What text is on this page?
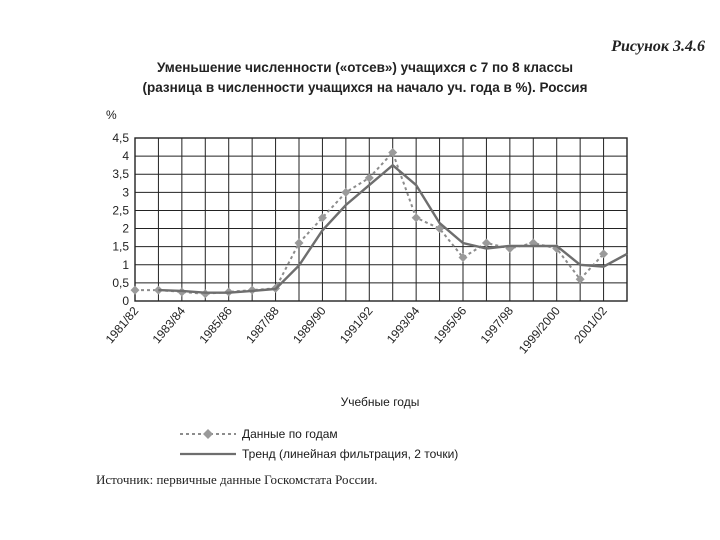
Рисунок 3.4.6
Уменьшение численности («отсев») учащихся с 7 по 8 классы
(разница в численности учащихся на начало уч. года в %). Россия
%
0
0,5
1
1,5
2
2,5
3
3,5
4
4,5
1981/82 1983/84 1985/86 1987/88 1989/90 1991/92 1993/94 1995/96 1997/98 1999/2000 2001/02
Учебные годы
Данные по годам
Тренд (линейная фильтрация, 2 точки)
Источник: первичные данные Госкомстата России.
